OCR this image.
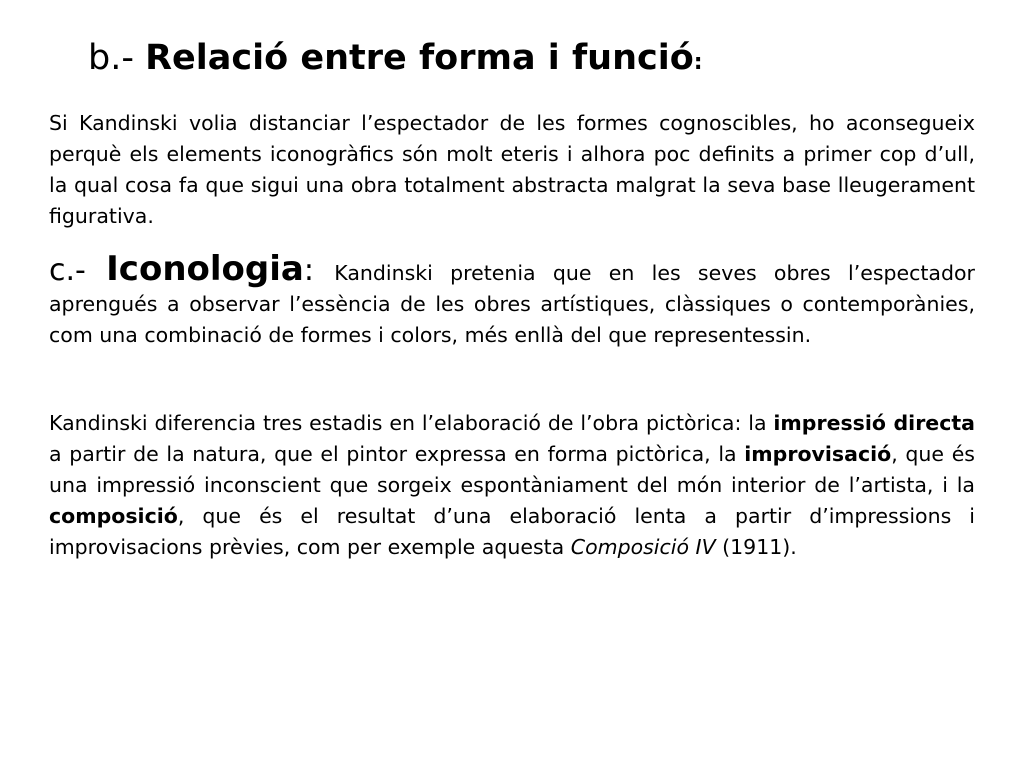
b.- Relació entre forma i funció:

Si Kandinski volia distanciar l’espectador de les formes cognoscibles, ho aconsegueix perquè els elements iconogràfics són molt eteris i alhora poc definits a primer cop d’ull, la qual cosa fa que sigui una obra totalment abstracta malgrat la seva base lleugerament figurativa.

c.- Iconologia: Kandinski pretenia que en les seves obres l’espectador aprengués a observar l’essència de les obres artístiques, clàssiques o contemporànies, com una combinació de formes i colors, més enllà del que representessin.

Kandinski diferencia tres estadis en l’elaboració de l’obra pictòrica: la impressió directa a partir de la natura, que el pintor expressa en forma pictòrica, la improvisació, que és una impressió inconscient que sorgeix espontàniament del món interior de l’artista, i la composició, que és el resultat d’una elaboració lenta a partir d’impressions i improvisacions prèvies, com per exemple aquesta Composició IV (1911).
